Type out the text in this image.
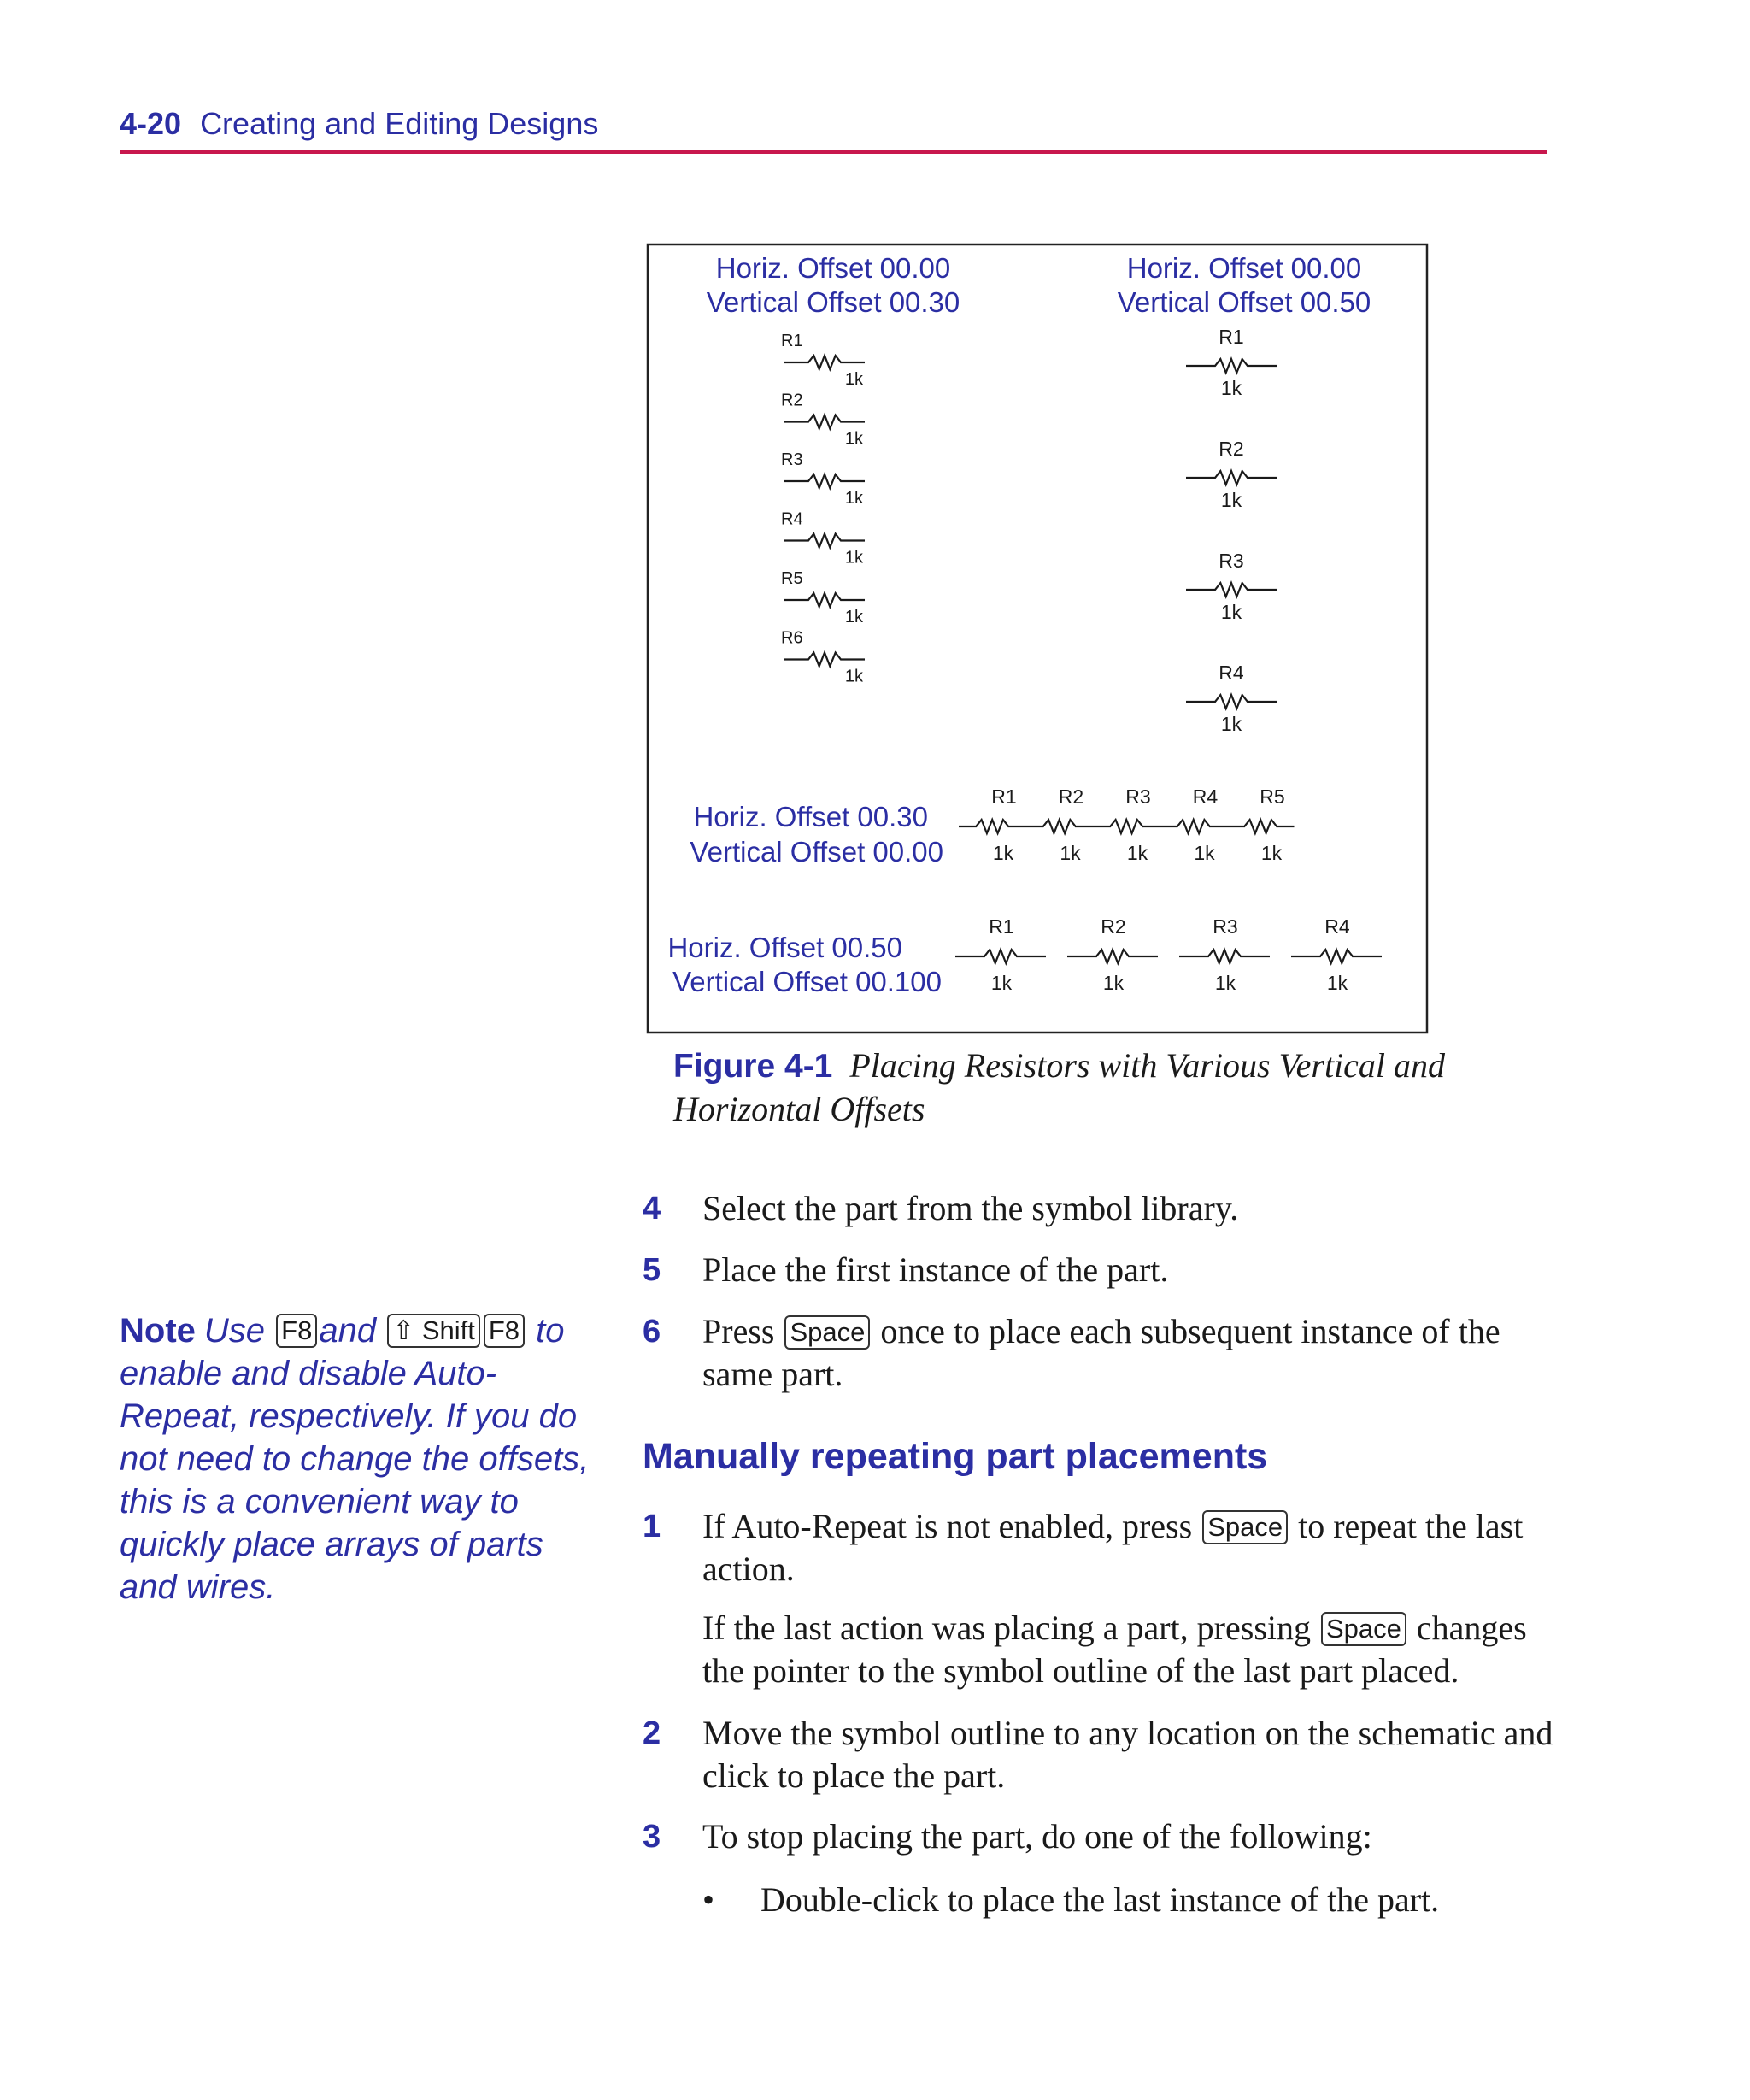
4-20 Creating and Editing Designs
Horiz. Offset 00.00
Vertical Offset 00.30
R1
1k
R2
1k
R3
1k
R4
1k
R5
1k
R6
1k
Horiz. Offset 00.00
Vertical Offset 00.50
R1
1k
R2
1k
R3
1k
R4
1k
Horiz. Offset 00.30
Vertical Offset 00.00
R1
1k
R2
1k
R3
1k
R4
1k
R5
1k
Horiz. Offset 00.50
Vertical Offset 00.100
R1
1k
R2
1k
R3
1k
R4
1k
Figure 4-1 Placing Resistors with Various Vertical and Horizontal Offsets
4 Select the part from the symbol library.
5 Place the first instance of the part.
6 Press Space once to place each subsequent instance of the same part.
Note Use F8 and ⇧ Shift F8 to enable and disable Auto-Repeat, respectively. If you do not need to change the offsets, this is a convenient way to quickly place arrays of parts and wires.
Manually repeating part placements
1 If Auto-Repeat is not enabled, press Space to repeat the last action.
If the last action was placing a part, pressing Space changes the pointer to the symbol outline of the last part placed.
2 Move the symbol outline to any location on the schematic and click to place the part.
3 To stop placing the part, do one of the following:
• Double-click to place the last instance of the part.
